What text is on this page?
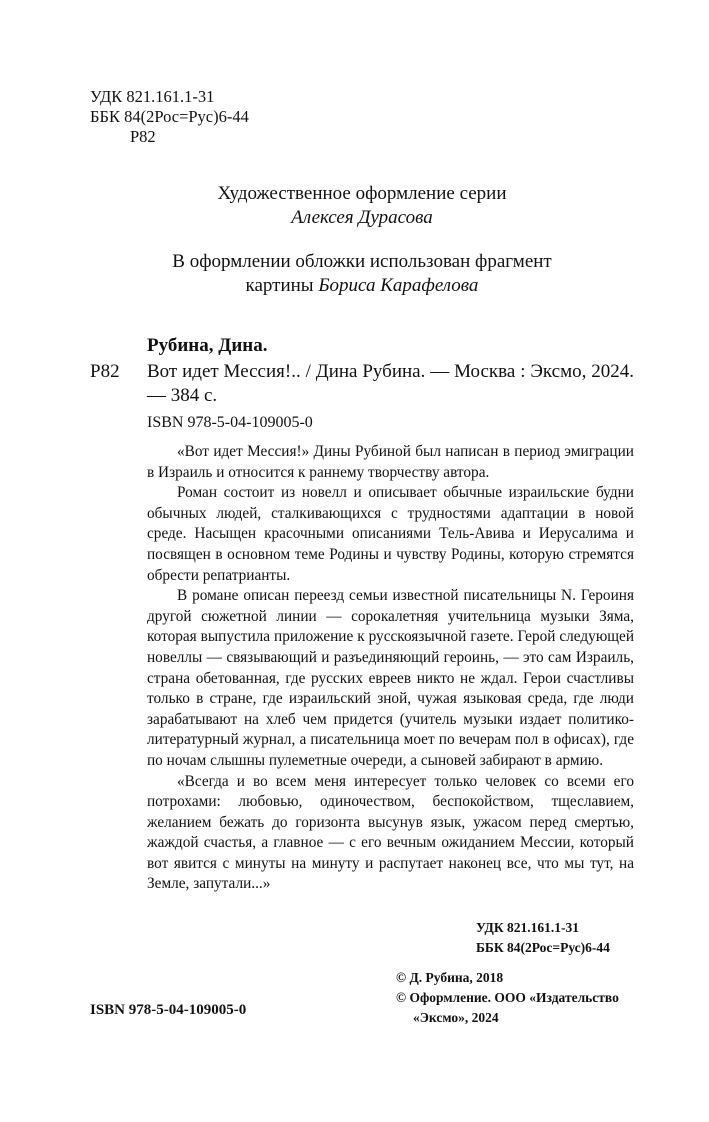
УДК 821.161.1-31
ББК 84(2Рос=Рус)6-44
Р82
Художественное оформление серии
Алексея Дурасова
В оформлении обложки использован фрагмент
картины Бориса Карафелова
Рубина, Дина.
Р82 Вот идет Мессия!.. / Дина Рубина. — Москва : Эксмо, 2024. — 384 с.
ISBN 978-5-04-109005-0

«Вот идет Мессия!» Дины Рубиной был написан в период эмиграции в Израиль и относится к раннему творчеству автора.

Роман состоит из новелл и описывает обычные израильские будни обычных людей, сталкивающихся с трудностями адаптации в новой среде. Насыщен красочными описаниями Тель-Авива и Иерусалима и посвящен в основном теме Родины и чувству Родины, которую стремятся обрести репатрианты.

В романе описан переезд семьи известной писательницы N. Героиня другой сюжетной линии — сорокалетняя учительница музыки Зяма, которая выпустила приложение к русскоязычной газете. Герой следующей новеллы — связывающий и разъединяющий героинь, — это сам Израиль, страна обетованная, где русских евреев никто не ждал. Герои счастливы только в стране, где израильский зной, чужая языковая среда, где люди зарабатывают на хлеб чем придется (учитель музыки издает политико-литературный журнал, а писательница моет по вечерам пол в офисах), где по ночам слышны пулеметные очереди, а сыновей забирают в армию.

«Всегда и во всем меня интересует только человек со всеми его потрохами: любовью, одиночеством, беспокойством, тщеславием, желанием бежать до горизонта высунув язык, ужасом перед смертью, жаждой счастья, а главное — с его вечным ожиданием Мессии, который вот явится с минуты на минуту и распутает наконец все, что мы тут, на Земле, запутали...»

УДК 821.161.1-31
ББК 84(2Рос=Рус)6-44
© Д. Рубина, 2018
© Оформление. ООО «Издательство
«Эксмо», 2024
ISBN 978-5-04-109005-0
